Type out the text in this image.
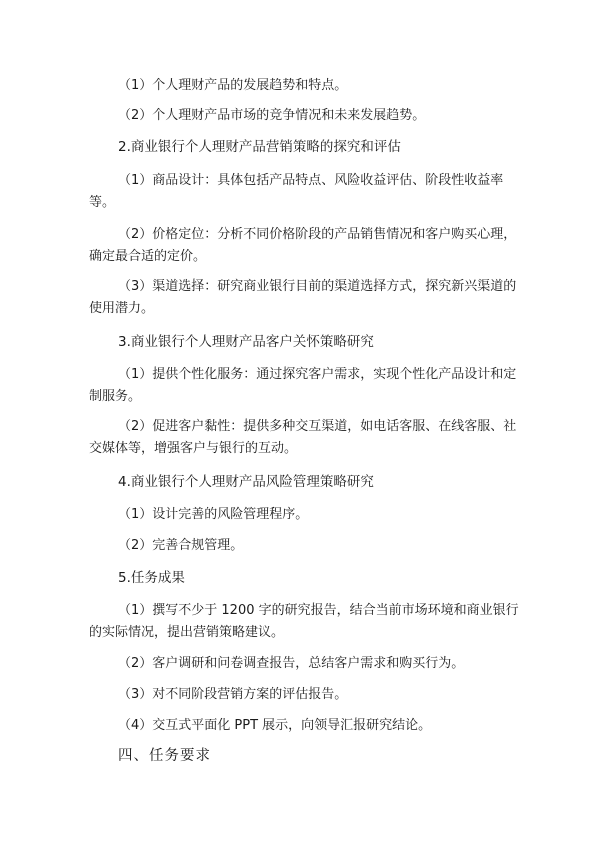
（1）个人理财产品的发展趋势和特点。

（2）个人理财产品市场的竞争情况和未来发展趋势。

2.商业银行个人理财产品营销策略的探究和评估

（1）商品设计：具体包括产品特点、风险收益评估、阶段性收益率等。

（2）价格定位：分析不同价格阶段的产品销售情况和客户购买心理，确定最合适的定价。

（3）渠道选择：研究商业银行目前的渠道选择方式，探究新兴渠道的使用潜力。

3.商业银行个人理财产品客户关怀策略研究

（1）提供个性化服务：通过探究客户需求，实现个性化产品设计和定制服务。

（2）促进客户黏性：提供多种交互渠道，如电话客服、在线客服、社交媒体等，增强客户与银行的互动。

4.商业银行个人理财产品风险管理策略研究

（1）设计完善的风险管理程序。

（2）完善合规管理。

5.任务成果

（1）撰写不少于 1200 字的研究报告，结合当前市场环境和商业银行的实际情况，提出营销策略建议。

（2）客户调研和问卷调查报告，总结客户需求和购买行为。

（3）对不同阶段营销方案的评估报告。

（4）交互式平面化 PPT 展示，向领导汇报研究结论。

四、任务要求
